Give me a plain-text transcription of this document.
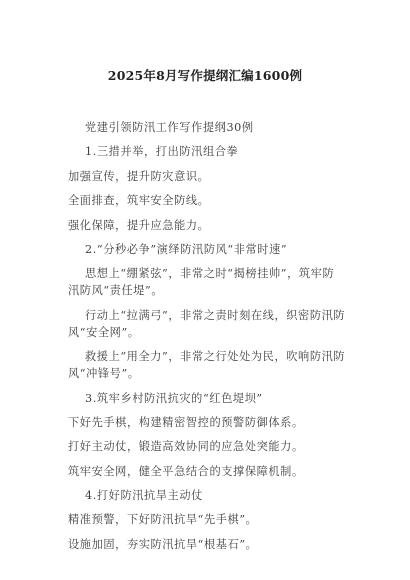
2025年8月写作提纲汇编1600例
党建引领防汛工作写作提纲30例
1.三措并举，打出防汛组合拳
加强宣传，提升防灾意识。
全面排查，筑牢安全防线。
强化保障，提升应急能力。
2.“分秒必争”演绎防汛防风“非常时速”
思想上“绷紧弦”，非常之时“揭榜挂帅”，筑牢防
汛防风“责任堤”。
行动上“拉满弓”，非常之责时刻在线，织密防汛防
风“安全网”。
救援上“用全力”，非常之行处处为民，吹响防汛防
风“冲锋号”。
3.筑牢乡村防汛抗灾的“红色堤坝”
下好先手棋，构建精密智控的预警防御体系。
打好主动仗，锻造高效协同的应急处突能力。
筑牢安全网，健全平急结合的支撑保障机制。
4.打好防汛抗旱主动仗
精准预警，下好防汛抗旱“先手棋”。
设施加固，夯实防汛抗旱“根基石”。
